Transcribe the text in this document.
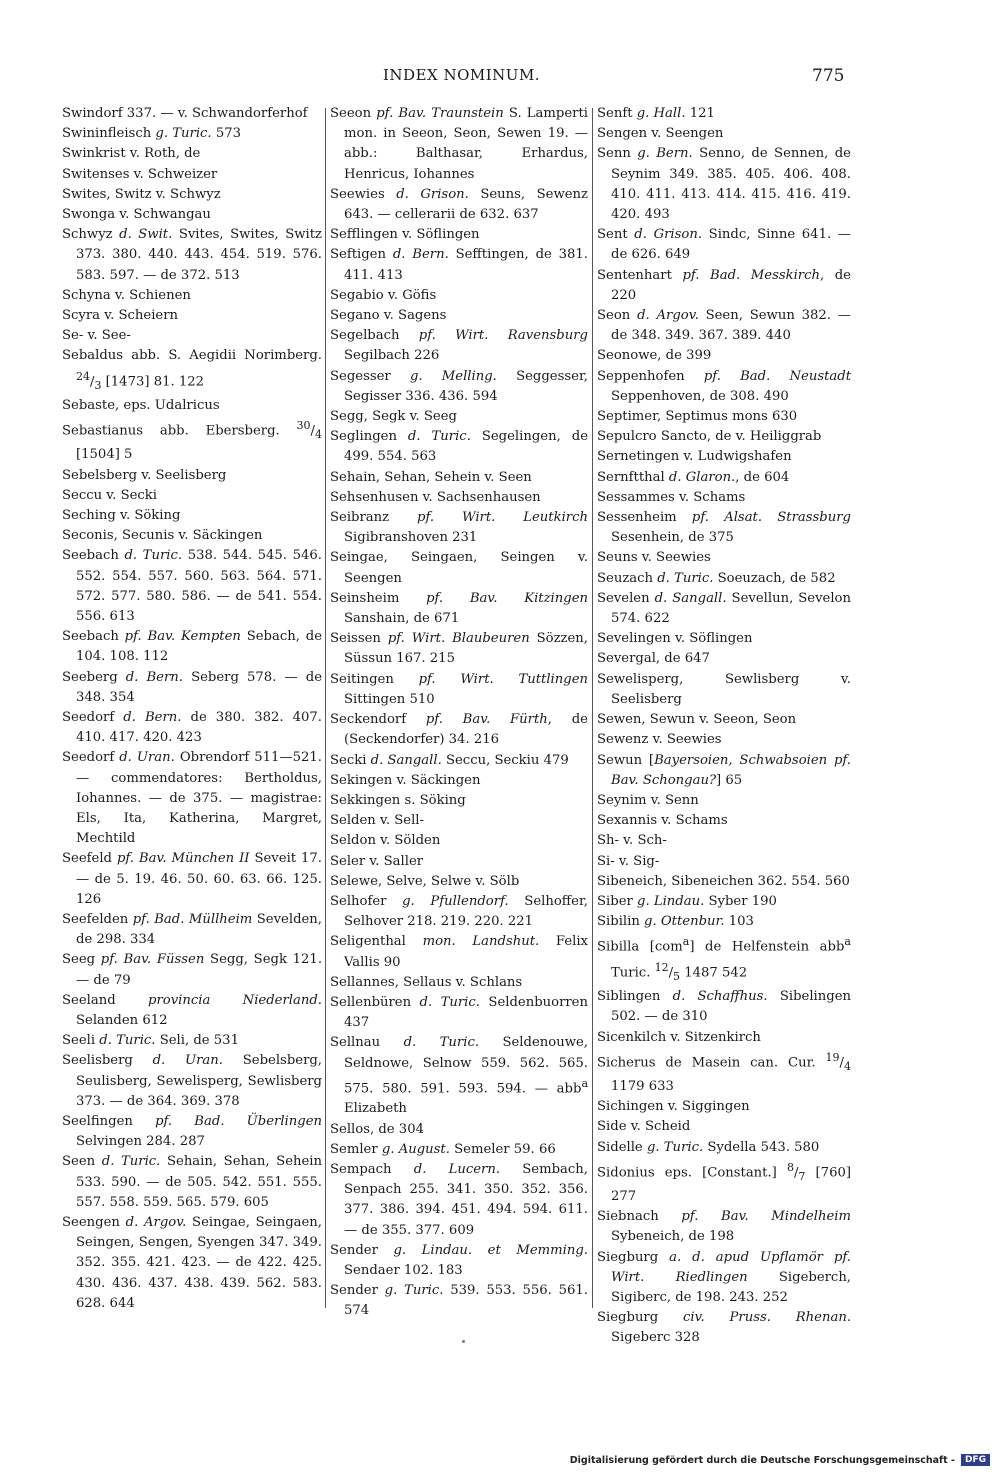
INDEX NOMINUM.	775

Swindorf 337. — v. Schwandorferhof

Swininfleisch g. Turic. 573

Swinkrist v. Roth, de

Switenses v. Schweizer

Swites, Switz v. Schwyz

Swonga v. Schwangau

Schwyz d. Swit. Svites, Swites, Switz 373. 380. 440. 443. 454. 519. 576. 583. 597. — de 372. 513

Schyna v. Schienen

Scyra v. Scheiern

Se- v. See-

Sebaldus abb. S. Aegidii Norimberg. $^{24}/_3$ [1473] 81. 122

Sebaste, eps. Udalricus

Sebastianus abb. Ebersberg. $^{30}/_4$ [1504] 5

Sebelsberg v. Seelisberg

Seccu v. Secki

Seching v. Söking

Seconis, Secunis v. Säckingen

Seebach d. Turic. 538. 544. 545. 546. 552. 554. 557. 560. 563. 564. 571. 572. 577. 580. 586. — de 541. 554. 556. 613

Seebach pf. Bav. Kempten Sebach, de 104. 108. 112

Seeberg d. Bern. Seberg 578. — de 348. 354

Seedorf d. Bern. de 380. 382. 407. 410. 417. 420. 423

Seedorf d. Uran. Obrendorf 511—521. — commendatores: Bertholdus, Iohannes. — de 375. — magistrae: Els, Ita, Katherina, Margret, Mechtild

Seefeld pf. Bav. München II Seveit 17. — de 5. 19. 46. 50. 60. 63. 66. 125. 126

Seefelden pf. Bad. Müllheim Sevelden, de 298. 334

Seeg pf. Bav. Füssen Segg, Segk 121. — de 79

Seeland provincia Niederland. Selanden 612

Seeli d. Turic. Seli, de 531

Seelisberg d. Uran. Sebelsberg, Seulisberg, Sewelisperg, Sewlisberg 373. — de 364. 369. 378

Seelfingen pf. Bad. Überlingen Selvingen 284. 287

Seen d. Turic. Sehain, Sehan, Sehein 533. 590. — de 505. 542. 551. 555. 557. 558. 559. 565. 579. 605

Seengen d. Argov. Seingae, Seingaen, Seingen, Sengen, Syengen 347. 349. 352. 355. 421. 423. — de 422. 425. 430. 436. 437. 438. 439. 562. 583. 628. 644

Seeon pf. Bav. Traunstein S. Lamperti mon. in Seeon, Seon, Sewen 19. — abb.: Balthasar, Erhardus, Henricus, Iohannes

Seewies d. Grison. Seuns, Sewenz 643. — cellerarii de 632. 637

Sefflingen v. Söflingen

Seftigen d. Bern. Sefftingen, de 381. 411. 413

Segabio v. Göfis

Segano v. Sagens

Segelbach pf. Wirt. Ravensburg Segilbach 226

Segesser g. Melling. Seggesser, Segisser 336. 436. 594

Segg, Segk v. Seeg

Seglingen d. Turic. Segelingen, de 499. 554. 563

Sehain, Sehan, Sehein v. Seen

Sehsenhusen v. Sachsenhausen

Seibranz pf. Wirt. Leutkirch Sigibranshoven 231

Seingae, Seingaen, Seingen v. Seengen

Seinsheim pf. Bav. Kitzingen Sanshain, de 671

Seissen pf. Wirt. Blaubeuren Sözzen, Süssun 167. 215

Seitingen pf. Wirt. Tuttlingen Sittingen 510

Seckendorf pf. Bav. Fürth, de (Seckendorfer) 34. 216

Secki d. Sangall. Seccu, Seckiu 479

Sekingen v. Säckingen

Sekkingen s. Söking

Selden v. Sell-

Seldon v. Sölden

Seler v. Saller

Selewe, Selve, Selwe v. Sölb

Selhofer g. Pfullendorf. Selhoffer, Selhover 218. 219. 220. 221

Seligenthal mon. Landshut. Felix Vallis 90

Sellannes, Sellaus v. Schlans

Sellenbüren d. Turic. Seldenbuorren 437

Sellnau d. Turic. Seldenouwe, Seldnowe, Selnow 559. 562. 565. 575. 580. 591. 593. 594. — abb$^a$ Elizabeth

Sellos, de 304

Semler g. August. Semeler 59. 66

Sempach d. Lucern. Sembach, Senpach 255. 341. 350. 352. 356. 377. 386. 394. 451. 494. 594. 611. — de 355. 377. 609

Sender g. Lindau. et Memming. Sendaer 102. 183

Sender g. Turic. 539. 553. 556. 561. 574

Senft g. Hall. 121

Sengen v. Seengen

Senn g. Bern. Senno, de Sennen, de Seynim 349. 385. 405. 406. 408. 410. 411. 413. 414. 415. 416. 419. 420. 493

Sent d. Grison. Sindc, Sinne 641. — de 626. 649

Sentenhart pf. Bad. Messkirch, de 220

Seon d. Argov. Seen, Sewun 382. — de 348. 349. 367. 389. 440

Seonowe, de 399

Seppenhofen pf. Bad. Neustadt Seppenhoven, de 308. 490

Septimer, Septimus mons 630

Sepulcro Sancto, de v. Heiliggrab

Sernetingen v. Ludwigshafen

Sernftthal d. Glaron., de 604

Sessammes v. Schams

Sessenheim pf. Alsat. Strassburg Sesenhein, de 375

Seuns v. Seewies

Seuzach d. Turic. Soeuzach, de 582

Sevelen d. Sangall. Sevellun, Sevelon 574. 622

Sevelingen v. Söflingen

Severgal, de 647

Sewelisperg, Sewlisberg v. Seelisberg

Sewen, Sewun v. Seeon, Seon

Sewenz v. Seewies

Sewun [Bayersoien, Schwabsoien pf. Bav. Schongau?] 65

Seynim v. Senn

Sexannis v. Schams

Sh- v. Sch-

Si- v. Sig-

Sibeneich, Sibeneichen 362. 554. 560

Siber g. Lindau. Syber 190

Sibilin g. Ottenbur. 103

Sibilla [com$^a$] de Helfenstein abb$^a$ Turic. $^{12}/_5$ 1487 542

Siblingen d. Schaffhus. Sibelingen 502. — de 310

Sicenkilch v. Sitzenkirch

Sicherus de Masein can. Cur. $^{19}/_4$ 1179 633

Sichingen v. Siggingen

Side v. Scheid

Sidelle g. Turic. Sydella 543. 580

Sidonius eps. [Constant.] $^8/_7$ [760] 277

Siebnach pf. Bav. Mindelheim Sybeneich, de 198

Siegburg a. d. apud Upflamör pf. Wirt. Riedlingen Sigeberch, Sigiberc, de 198. 243. 252

Siegburg civ. Pruss. Rhenan. Sigeberc 328

Digitalisierung gefördert durch die Deutsche Forschungsgemeinschaft -	DFG
